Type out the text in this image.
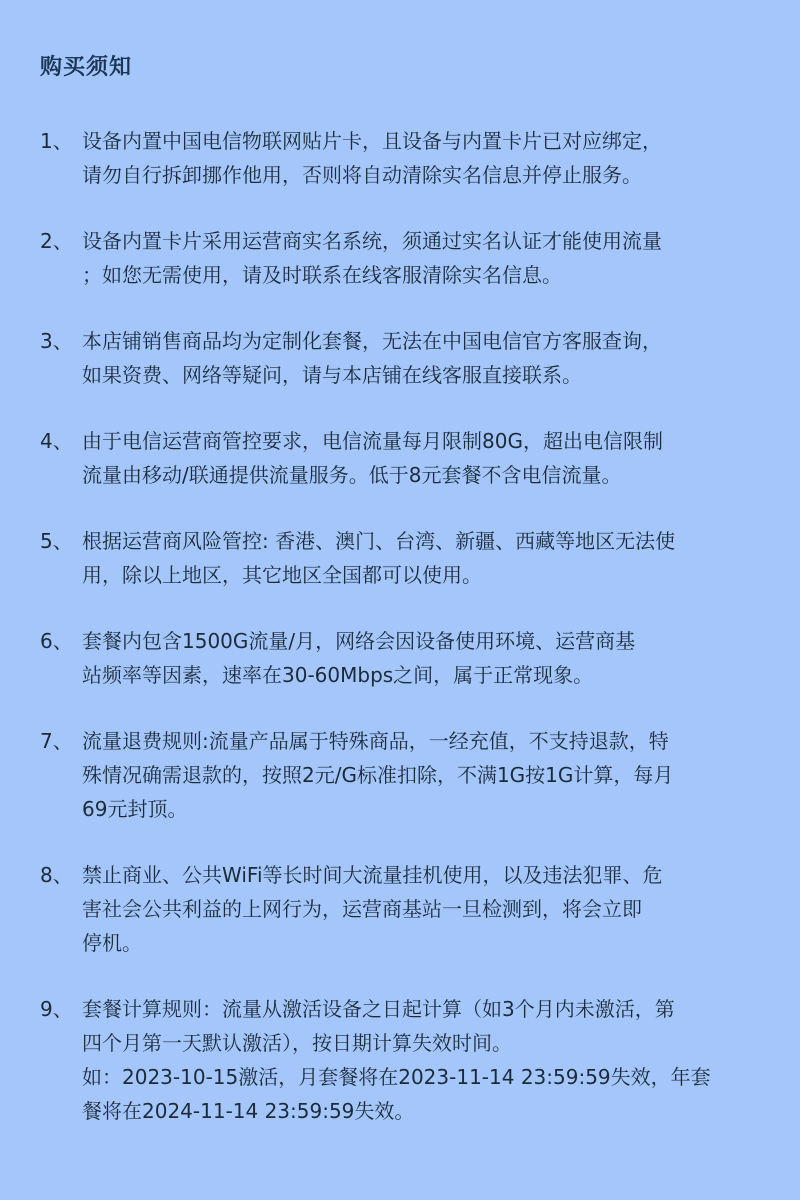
购买须知
1、 设备内置中国电信物联网贴片卡，且设备与内置卡片已对应绑定，
请勿自行拆卸挪作他用，否则将自动清除实名信息并停止服务。
2、 设备内置卡片采用运营商实名系统，须通过实名认证才能使用流量
；如您无需使用，请及时联系在线客服清除实名信息。
3、 本店铺销售商品均为定制化套餐，无法在中国电信官方客服查询，
如果资费、网络等疑问，请与本店铺在线客服直接联系。
4、 由于电信运营商管控要求，电信流量每月限制80G，超出电信限制
流量由移动/联通提供流量服务。低于8元套餐不含电信流量。
5、 根据运营商风险管控: 香港、澳门、台湾、新疆、西藏等地区无法使
用，除以上地区，其它地区全国都可以使用。
6、 套餐内包含1500G流量/月，网络会因设备使用环境、运营商基
站频率等因素，速率在30-60Mbps之间，属于正常现象。
7、 流量退费规则:流量产品属于特殊商品，一经充值，不支持退款，特
殊情况确需退款的，按照2元/G标准扣除，不满1G按1G计算，每月
69元封顶。
8、 禁止商业、公共WiFi等长时间大流量挂机使用，以及违法犯罪、危
害社会公共利益的上网行为，运营商基站一旦检测到，将会立即
停机。
9、 套餐计算规则：流量从激活设备之日起计算（如3个月内未激活，第
四个月第一天默认激活），按日期计算失效时间。
如：2023-10-15激活，月套餐将在2023-11-14 23:59:59失效，年套
餐将在2024-11-14 23:59:59失效。
